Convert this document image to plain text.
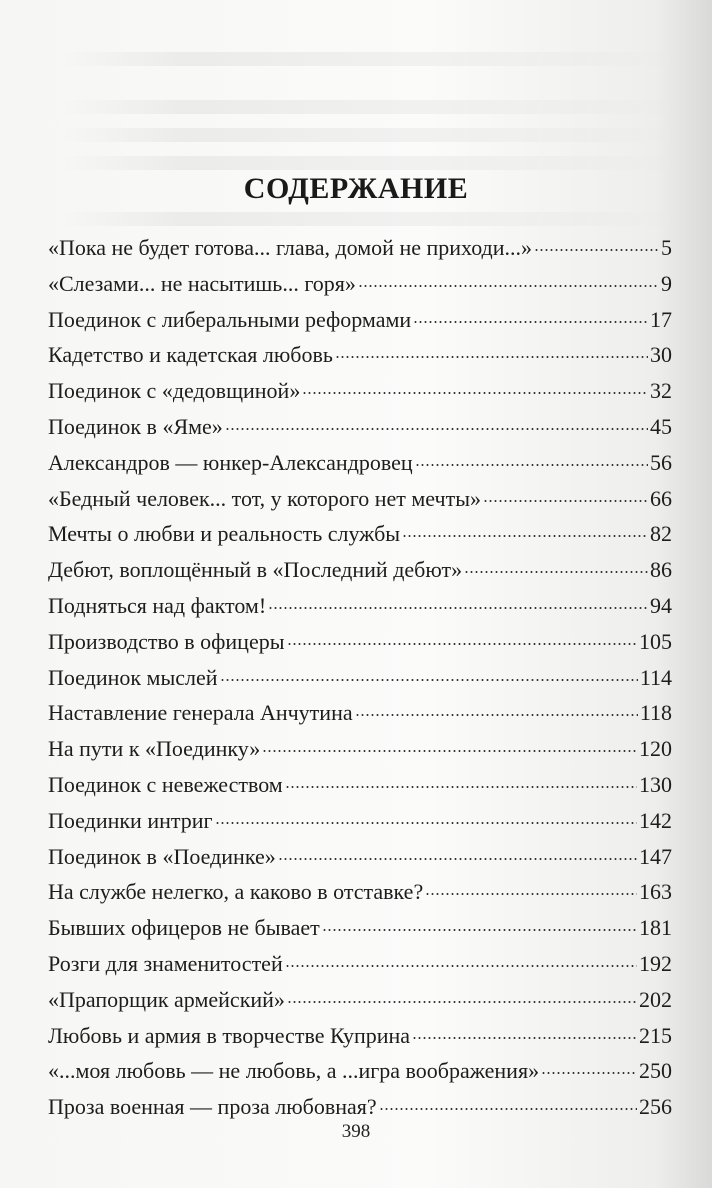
СОДЕРЖАНИЕ
«Пока не будет готова... глава, домой не приходи...»	5
«Слезами... не насытишь... горя»	9
Поединок с либеральными реформами	17
Кадетство и кадетская любовь	30
Поединок с «дедовщиной»	32
Поединок в «Яме»	45
Александров — юнкер-Александровец	56
«Бедный человек... тот, у которого нет мечты»	66
Мечты о любви и реальность службы	82
Дебют, воплощённый в «Последний дебют»	86
Подняться над фактом!	94
Производство в офицеры	105
Поединок мыслей	114
Наставление генерала Анчутина	118
На пути к «Поединку»	120
Поединок с невежеством	130
Поединки интриг	142
Поединок в «Поединке»	147
На службе нелегко, а каково в отставке?	163
Бывших офицеров не бывает	181
Розги для знаменитостей	192
«Прапорщик армейский»	202
Любовь и армия в творчестве Куприна	215
«...моя любовь — не любовь, а ...игра воображения»	250
Проза военная — проза любовная?	256
398
